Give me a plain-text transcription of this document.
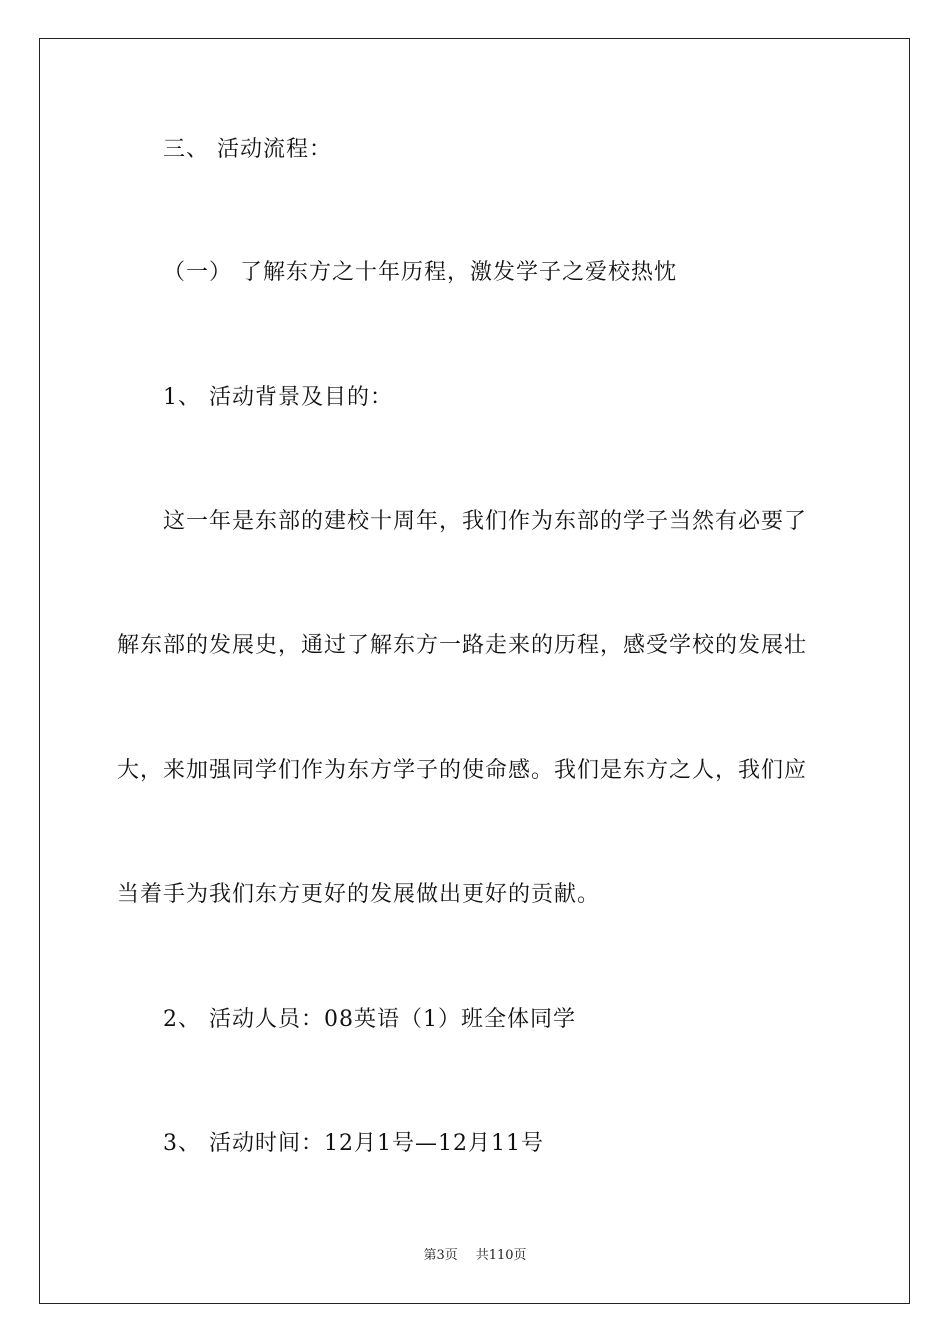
三、 活动流程：
（一） 了解东方之十年历程，激发学子之爱校热忱
1、 活动背景及目的：
这一年是东部的建校十周年，我们作为东部的学子当然有必要了
解东部的发展史，通过了解东方一路走来的历程，感受学校的发展壮
大，来加强同学们作为东方学子的使命感。我们是东方之人，我们应
当着手为我们东方更好的发展做出更好的贡献。
2、 活动人员：08英语（1）班全体同学
3、 活动时间：12月1号—12月11号
第3页 共110页
